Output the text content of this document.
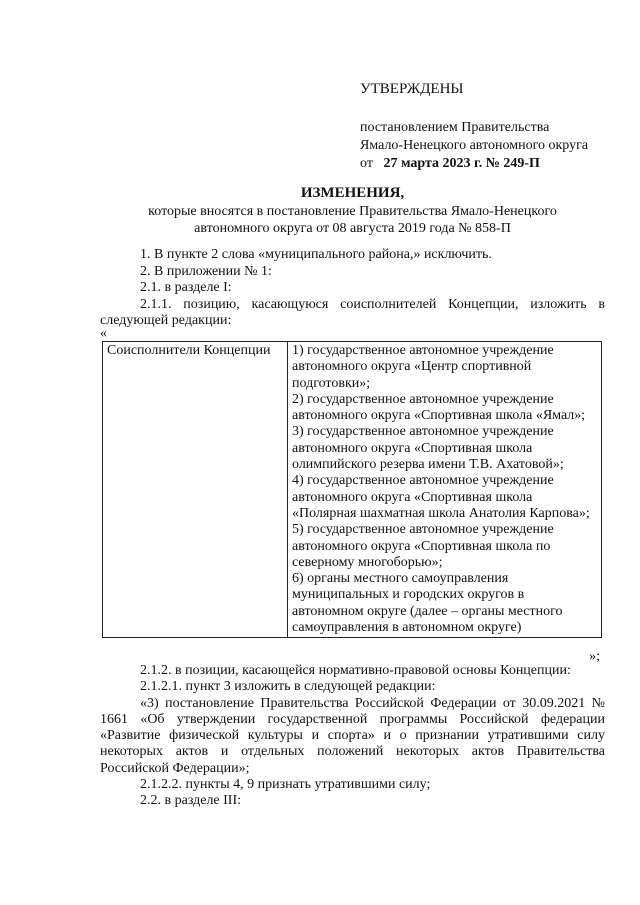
УТВЕРЖДЕНЫ
постановлением Правительства
Ямало-Ненецкого автономного округа
от 27 марта 2023 г. № 249-П
ИЗМЕНЕНИЯ,
которые вносятся в постановление Правительства Ямало-Ненецкого
автономного округа от 08 августа 2019 года № 858-П
1. В пункте 2 слова «муниципального района,» исключить.
2. В приложении № 1:
2.1. в разделе I:
2.1.1. позицию, касающуюся соисполнителей Концепции, изложить в следующей редакции:
«
Соисполнители Концепции	1) государственное автономное учреждение автономного округа «Центр спортивной подготовки»;
2) государственное автономное учреждение автономного округа «Спортивная школа «Ямал»;
3) государственное автономное учреждение автономного округа «Спортивная школа олимпийского резерва имени Т.В. Ахатовой»;
4) государственное автономное учреждение автономного округа «Спортивная школа «Полярная шахматная школа Анатолия Карпова»;
5) государственное автономное учреждение автономного округа «Спортивная школа по северному многоборью»;
6) органы местного самоуправления муниципальных и городских округов в автономном округе (далее – органы местного самоуправления в автономном округе)
»;
2.1.2. в позиции, касающейся нормативно-правовой основы Концепции:
2.1.2.1. пункт 3 изложить в следующей редакции:
«3) постановление Правительства Российской Федерации от 30.09.2021 № 1661 «Об утверждении государственной программы Российской федерации «Развитие физической культуры и спорта» и о признании утратившими силу некоторых актов и отдельных положений некоторых актов Правительства Российской Федерации»;
2.1.2.2. пункты 4, 9 признать утратившими силу;
2.2. в разделе III:
